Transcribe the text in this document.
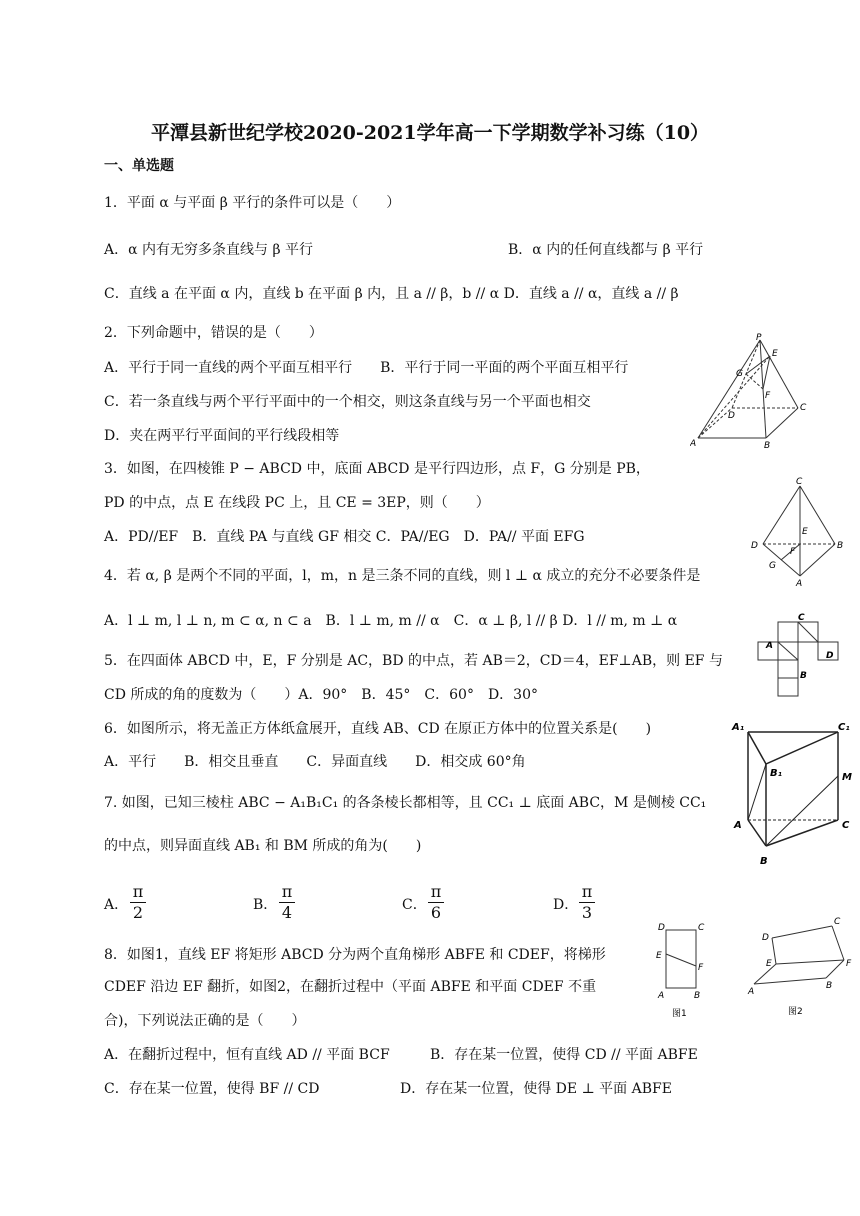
平潭县新世纪学校2020-2021学年高一下学期数学补习练（10）
一、单选题
1．平面 α 与平面 β 平行的条件可以是（　　）
A．α 内有无穷多条直线与 β 平行	B．α 内的任何直线都与 β 平行
C．直线 a 在平面 α 内，直线 b 在平面 β 内，且 a // β，b // α D．直线 a // α，直线 a // β
2．下列命题中，错误的是（　　）
A．平行于同一直线的两个平面互相平行　　B．平行于同一平面的两个平面互相平行
C．若一条直线与两个平行平面中的一个相交，则这条直线与另一个平面也相交
D．夹在两平行平面间的平行线段相等
3．如图，在四棱锥 P − ABCD 中，底面 ABCD 是平行四边形，点 F，G 分别是 PB，
PD 的中点，点 E 在线段 PC 上，且 CE = 3EP，则（　　）
A．PD//EF　B．直线 PA 与直线 GF 相交 C．PA//EG　D．PA// 平面 EFG
4．若 α, β 是两个不同的平面，l，m，n 是三条不同的直线，则 l ⊥ α 成立的充分不必要条件是
A．l ⊥ m, l ⊥ n, m ⊂ α, n ⊂ a　B．l ⊥ m, m // α　C．α ⊥ β, l // β D．l // m, m ⊥ α
5．在四面体 ABCD 中，E，F 分别是 AC，BD 的中点，若 AB＝2，CD＝4，EF⊥AB，则 EF 与
CD 所成的角的度数为（　　）A．90°　B．45°　C．60°　D．30°
6．如图所示，将无盖正方体纸盒展开，直线 AB、CD 在原正方体中的位置关系是(　　)
A．平行　　B．相交且垂直　　C．异面直线　　D．相交成 60°角
7. 如图，已知三棱柱 ABC − A₁B₁C₁ 的各条棱长都相等，且 CC₁ ⊥ 底面 ABC，M 是侧棱 CC₁
的中点，则异面直线 AB₁ 和 BM 所成的角为(　　)
A．
π
2	B．
π
4	C．
π
6	D．
π
3
8．如图1，直线 EF 将矩形 ABCD 分为两个直角梯形 ABFE 和 CDEF，将梯形
CDEF 沿边 EF 翻折，如图2，在翻折过程中（平面 ABFE 和平面 CDEF 不重
合)，下列说法正确的是（　　）
A．在翻折过程中，恒有直线 AD // 平面 BCF	B．存在某一位置，使得 CD // 平面 ABFE
C．存在某一位置，使得 BF // CD	D．存在某一位置，使得 DE ⊥ 平面 ABFE
P
E
G
F
D
C
A	B
C
E
D
F
B
G
A
C
A
D
B
A₁	C₁
B₁	M
A	C
B
D	C
E
F
A	B
图1
C
D
E	F
A
B
图2
